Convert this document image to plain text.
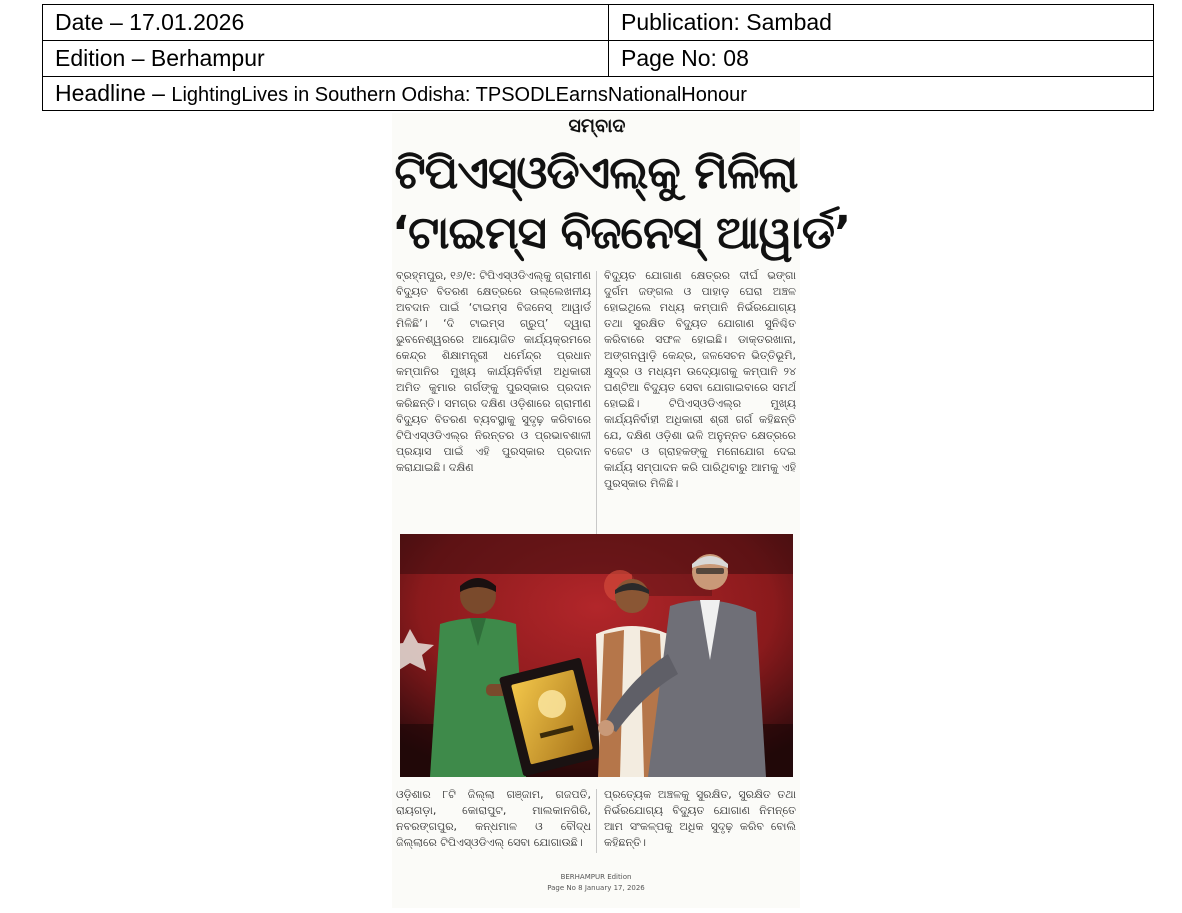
Date – 17.01.2026	Publication: Sambad
Edition – Berhampur	Page No: 08
Headline – LightingLives in Southern Odisha: TPSODLEarnsNationalHonour	
ସମ୍ବାଦ
ଟିପିଏସ୍‌ଓଡିଏଲ୍‌କୁ ମିଳିଲା
‘ଟାଇମ୍ସ ବିଜନେସ୍ ଆୱାର୍ଡ’
ବ୍ରହ୍ମପୁର, ୧୬/୧: ଟିପିଏସ୍‌ଓଡିଏଲ୍‌କୁ ଗ୍ରାମୀଣ ବିଦ୍ୟୁତ ବିତରଣ କ୍ଷେତ୍ରରେ ଉଲ୍ଲେଖନୀୟ ଅବଦାନ ପାଇଁ ‘ଟାଇମ୍ସ ବିଜନେସ୍ ଆୱାର୍ଡ ମିଳିଛି’। ‘ଦି ଟାଇମ୍ସ ଗ୍ରୁପ୍’ ଦ୍ୱାରା ଭୁବନେଶ୍ୱରରେ ଆୟୋଜିତ କାର୍ଯ୍ୟକ୍ରମରେ କେନ୍ଦ୍ର ଶିକ୍ଷାମନ୍ତ୍ରୀ ଧର୍ମେନ୍ଦ୍ର ପ୍ରଧାନ କମ୍ପାନିର ମୁଖ୍ୟ କାର୍ଯ୍ୟନିର୍ବାହୀ ଅଧିକାରୀ ଅମିତ କୁମାର ଗର୍ଗଙ୍କୁ ପୁରସ୍କାର ପ୍ରଦାନ କରିଛନ୍ତି। ସମଗ୍ର ଦକ୍ଷିଣ ଓଡ଼ିଶାରେ ଗ୍ରାମୀଣ ବିଦ୍ୟୁତ ବିତରଣ ବ୍ୟବସ୍ଥାକୁ ସୁଦୃଢ଼ କରିବାରେ ଟିପିଏସ୍‌ଓଡିଏଲ୍‌ର ନିରନ୍ତର ଓ ପ୍ରଭାବଶାଳୀ ପ୍ରୟାସ ପାଇଁ ଏହି ପୁରସ୍କାର ପ୍ରଦାନ କରାଯାଇଛି। ଦକ୍ଷିଣ
ବିଦ୍ୟୁତ ଯୋଗାଣ କ୍ଷେତ୍ରର ଦୀର୍ଘ ଭଙ୍ଗା ଦୁର୍ଗମ ଜଙ୍ଗଲ ଓ ପାହାଡ଼ ଘେରା ଅଞ୍ଚଳ ହୋଇଥିଲେ ମଧ୍ୟ କମ୍ପାନି ନିର୍ଭରଯୋଗ୍ୟ ତଥା ସୁରକ୍ଷିତ ବିଦ୍ୟୁତ ଯୋଗାଣ ସୁନିଶ୍ଚିତ କରିବାରେ ସଫଳ ହୋଇଛି। ଡାକ୍ତରଖାନା, ଅଙ୍ଗନୱାଡ଼ି କେନ୍ଦ୍ର, ଜଳସେଚନ ଭିତ୍ତିଭୂମି, କ୍ଷୁଦ୍ର ଓ ମଧ୍ୟମ ଉଦ୍ୟୋଗକୁ କମ୍ପାନି ୨୪ ଘଣ୍ଟିଆ ବିଦ୍ୟୁତ ସେବା ଯୋଗାଇବାରେ ସମର୍ଥ ହୋଇଛି। ଟିପିଏସ୍‌ଓଡିଏଲ୍‌ର ମୁଖ୍ୟ କାର୍ଯ୍ୟନିର୍ବାହୀ ଅଧିକାରୀ ଶ୍ରୀ ଗର୍ଗ କହିଛନ୍ତି ଯେ, ଦକ୍ଷିଣ ଓଡ଼ିଶା ଭଳି ଅନୁନ୍ନତ କ୍ଷେତ୍ରରେ ବଜେଟ ଓ ଗ୍ରାହକଙ୍କୁ ମନୋଯୋଗ ଦେଇ କାର୍ଯ୍ୟ ସମ୍ପାଦନ କରି ପାରିଥିବାରୁ ଆମକୁ ଏହି ପୁରସ୍କାର ମିଳିଛି।
ଓଡ଼ିଶାର ୮ଟି ଜିଲ୍ଲା ଗଞ୍ଜାମ, ଗଜପତି, ରାୟଗଡ଼ା, କୋରାପୁଟ, ମାଲକାନଗିରି, ନବରଙ୍ଗପୁର, କନ୍ଧମାଳ ଓ ବୌଦ୍ଧ ଜିଲ୍ଲାରେ ଟିପିଏସ୍‌ଓଡିଏଲ୍ ସେବା ଯୋଗାଉଛି।
ପ୍ରତ୍ୟେକ ଅଞ୍ଚଳକୁ ସୁରକ୍ଷିତ, ସୁରକ୍ଷିତ ତଥା ନିର୍ଭରଯୋଗ୍ୟ ବିଦ୍ୟୁତ ଯୋଗାଣ ନିମନ୍ତେ ଆମ ସଂକଳ୍ପକୁ ଅଧିକ ସୁଦୃଢ଼ କରିବ ବୋଲି କହିଛନ୍ତି।
BERHAMPUR Edition
Page No 8 January 17, 2026
